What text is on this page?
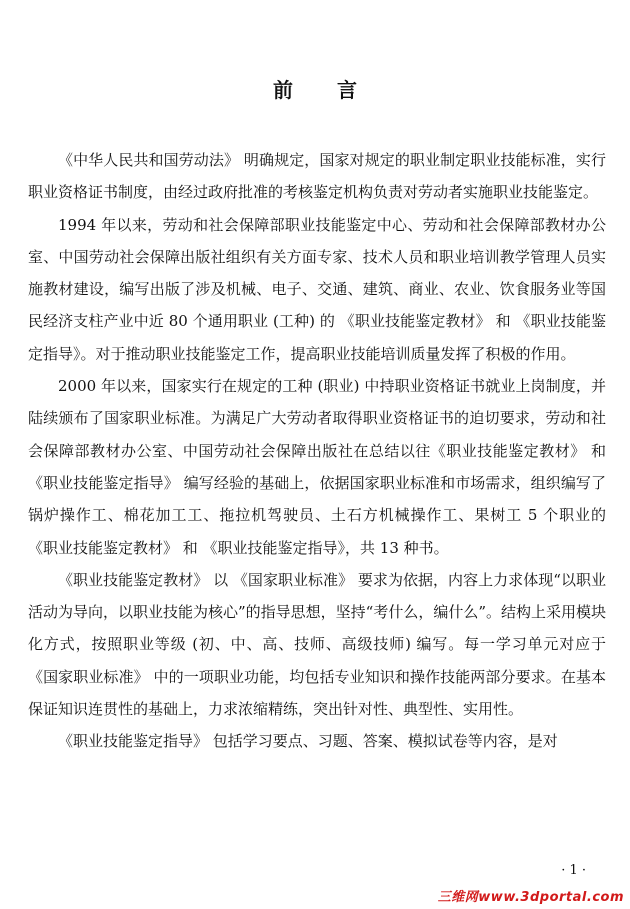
前言

《中华人民共和国劳动法》 明确规定，国家对规定的职业制定职业技能标准，实行职业资格证书制度，由经过政府批准的考核鉴定机构负责对劳动者实施职业技能鉴定。

1994 年以来，劳动和社会保障部职业技能鉴定中心、劳动和社会保障部教材办公室、中国劳动社会保障出版社组织有关方面专家、技术人员和职业培训教学管理人员实施教材建设，编写出版了涉及机械、电子、交通、建筑、商业、农业、饮食服务业等国民经济支柱产业中近 80 个通用职业 (工种) 的 《职业技能鉴定教材》 和 《职业技能鉴定指导》。对于推动职业技能鉴定工作，提高职业技能培训质量发挥了积极的作用。

2000 年以来，国家实行在规定的工种 (职业) 中持职业资格证书就业上岗制度，并陆续颁布了国家职业标准。为满足广大劳动者取得职业资格证书的迫切要求，劳动和社会保障部教材办公室、中国劳动社会保障出版社在总结以往《职业技能鉴定教材》 和 《职业技能鉴定指导》 编写经验的基础上，依据国家职业标准和市场需求，组织编写了锅炉操作工、棉花加工工、拖拉机驾驶员、土石方机械操作工、果树工 5 个职业的 《职业技能鉴定教材》 和 《职业技能鉴定指导》，共 13 种书。

《职业技能鉴定教材》 以 《国家职业标准》 要求为依据，内容上力求体现“以职业活动为导向，以职业技能为核心”的指导思想，坚持“考什么，编什么”。结构上采用模块化方式，按照职业等级 (初、中、高、技师、高级技师) 编写。每一学习单元对应于 《国家职业标准》 中的一项职业功能，均包括专业知识和操作技能两部分要求。在基本保证知识连贯性的基础上，力求浓缩精练，突出针对性、典型性、实用性。

《职业技能鉴定指导》 包括学习要点、习题、答案、模拟试卷等内容，是对

· 1 ·
三维网www.3dportal.com
